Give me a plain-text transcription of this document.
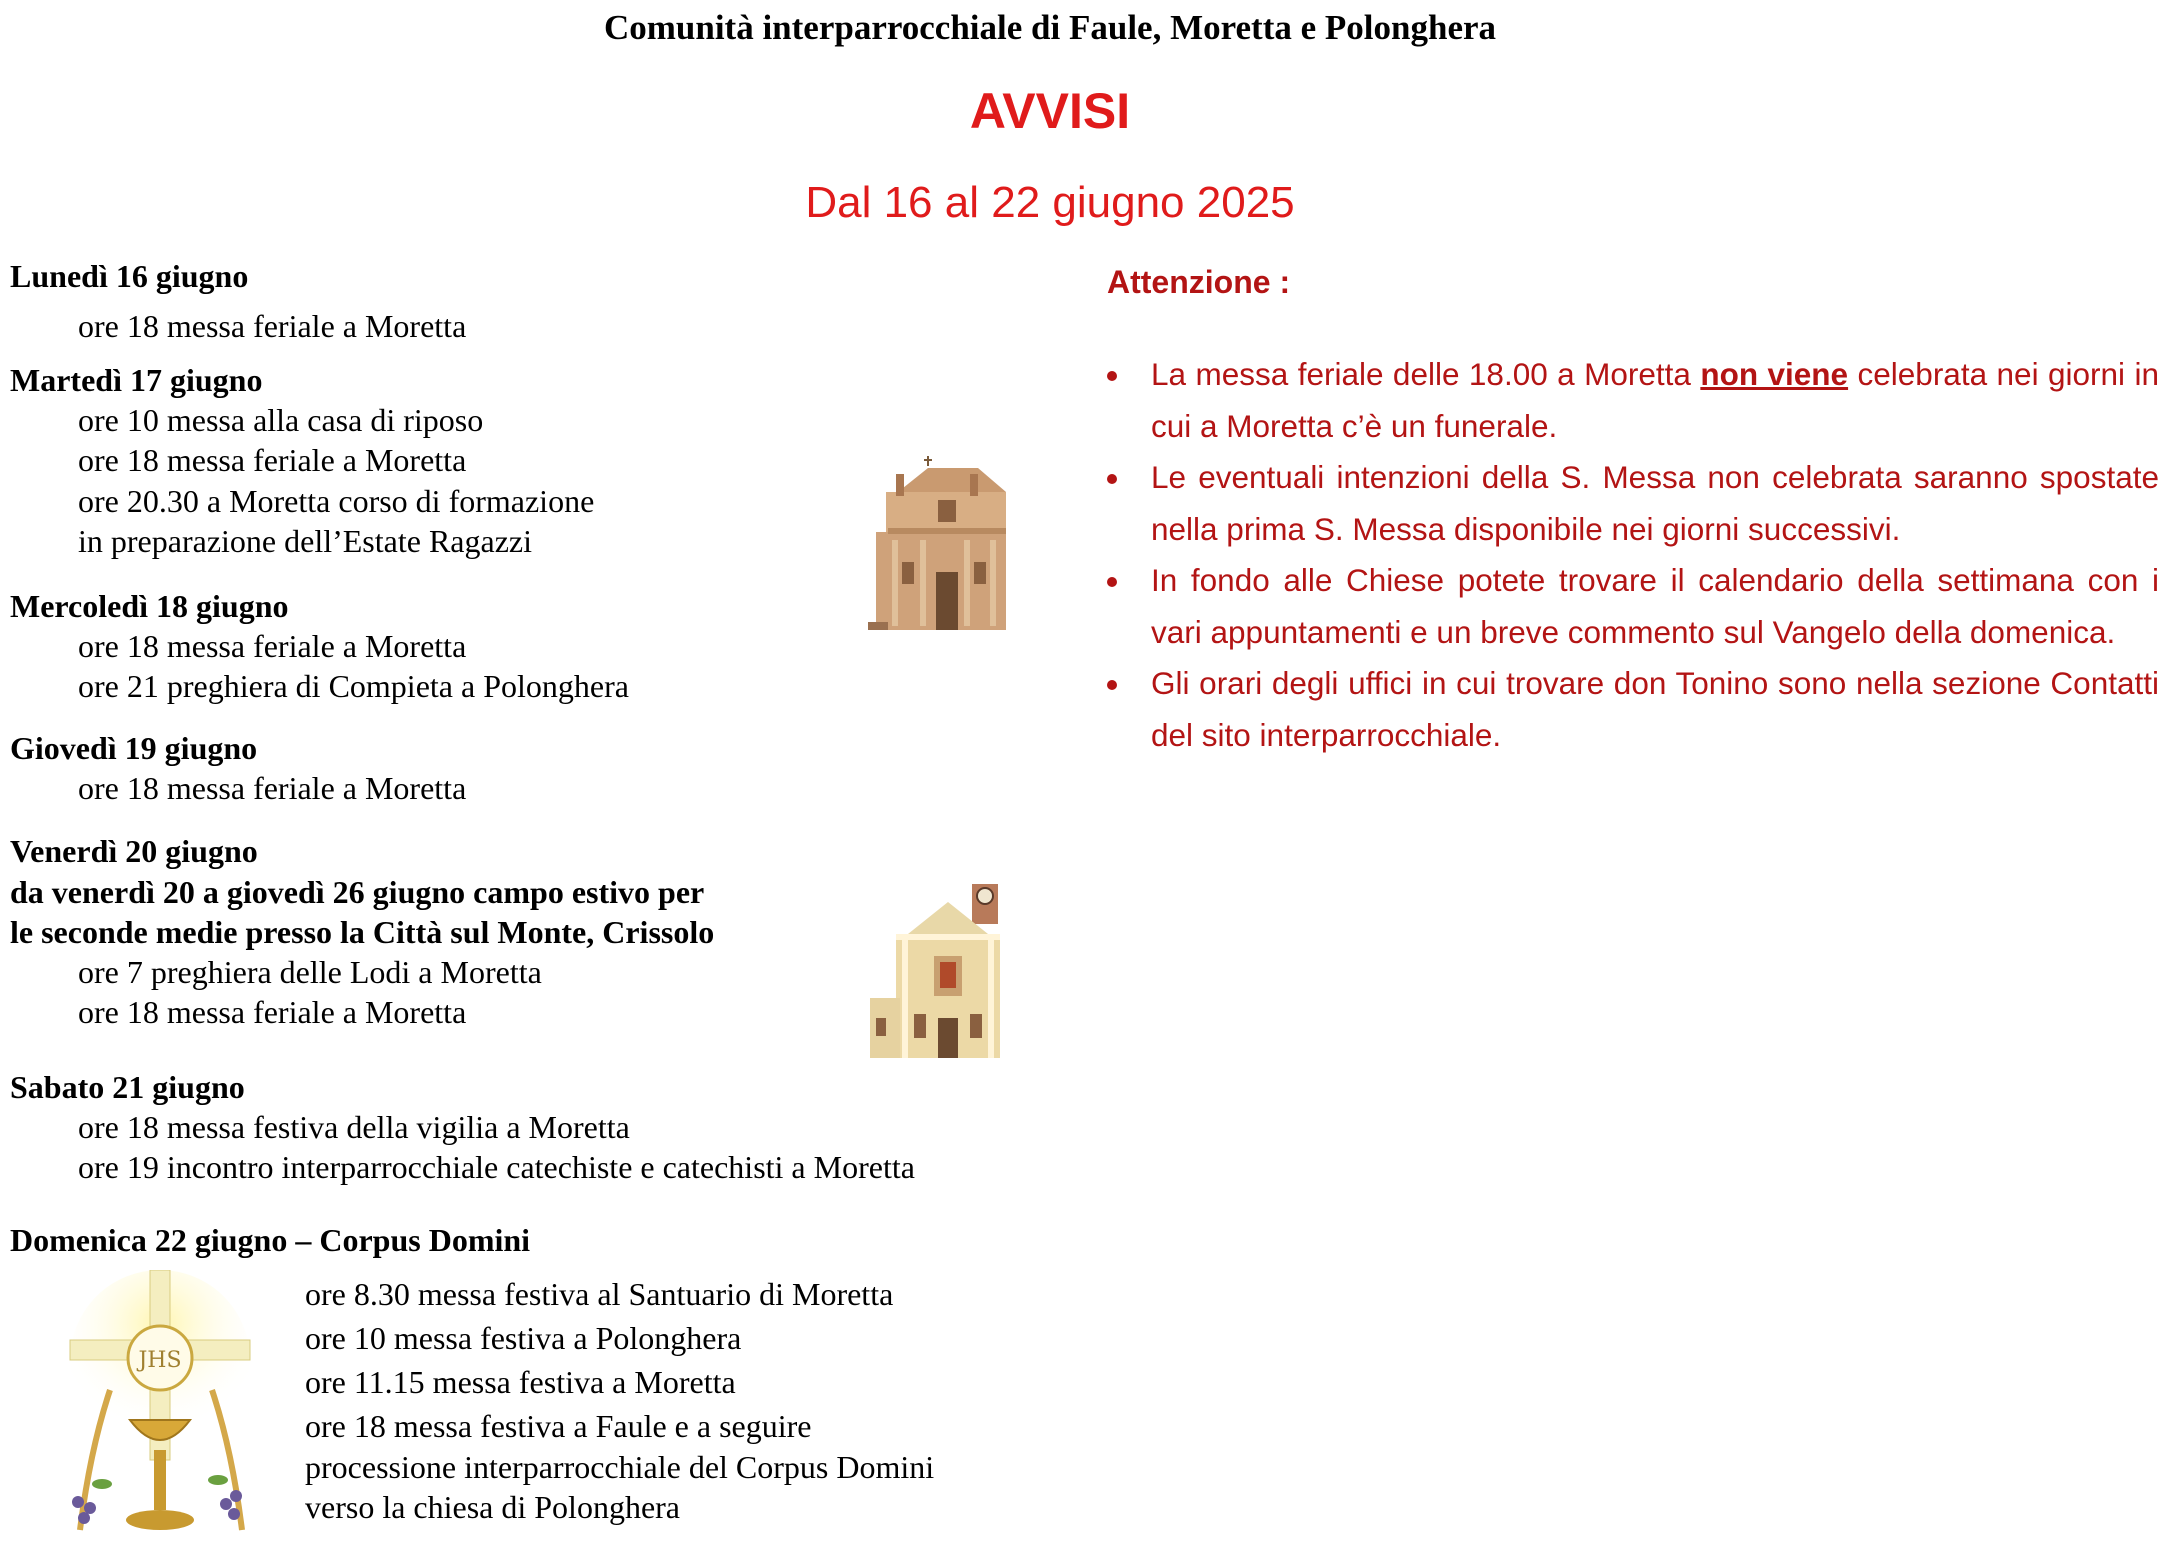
Comunità interparrocchiale di Faule, Moretta e Polonghera
AVVISI
Dal 16 al 22 giugno 2025
Lunedì 16 giugno
ore 18 messa feriale a Moretta
Martedì 17 giugno
ore 10 messa alla casa di riposo
ore 18 messa feriale a Moretta
ore 20.30 a Moretta corso di formazione
in preparazione dell’Estate Ragazzi
Mercoledì 18 giugno
ore 18 messa feriale a Moretta
ore 21 preghiera di Compieta a Polonghera
Giovedì 19 giugno
ore 18 messa feriale a Moretta
Venerdì 20 giugno
da venerdì 20 a giovedì 26 giugno campo estivo per
le seconde medie presso la Città sul Monte, Crissolo
ore 7 preghiera delle Lodi a Moretta
ore 18 messa feriale a Moretta
Sabato 21 giugno
ore 18 messa festiva della vigilia a Moretta
ore 19 incontro interparrocchiale catechiste e catechisti a Moretta
Domenica 22 giugno – Corpus Domini
ore 8.30 messa festiva al Santuario di Moretta
ore 10 messa festiva a Polonghera
ore 11.15 messa festiva a Moretta
ore 18 messa festiva a Faule e a seguire
processione interparrocchiale del Corpus Domini
verso la chiesa di Polonghera
JHS
Attenzione :
La messa feriale delle 18.00 a Moretta non viene celebrata nei giorni in cui a Moretta c’è un funerale.
Le eventuali intenzioni della S. Messa non celebrata saranno spostate nella prima S. Messa disponibile nei giorni successivi.
In fondo alle Chiese potete trovare il calendario della settimana con i vari appuntamenti e un breve commento sul Vangelo della domenica.
Gli orari degli uffici in cui trovare don Tonino sono nella sezione Contatti del sito interparrocchiale.
